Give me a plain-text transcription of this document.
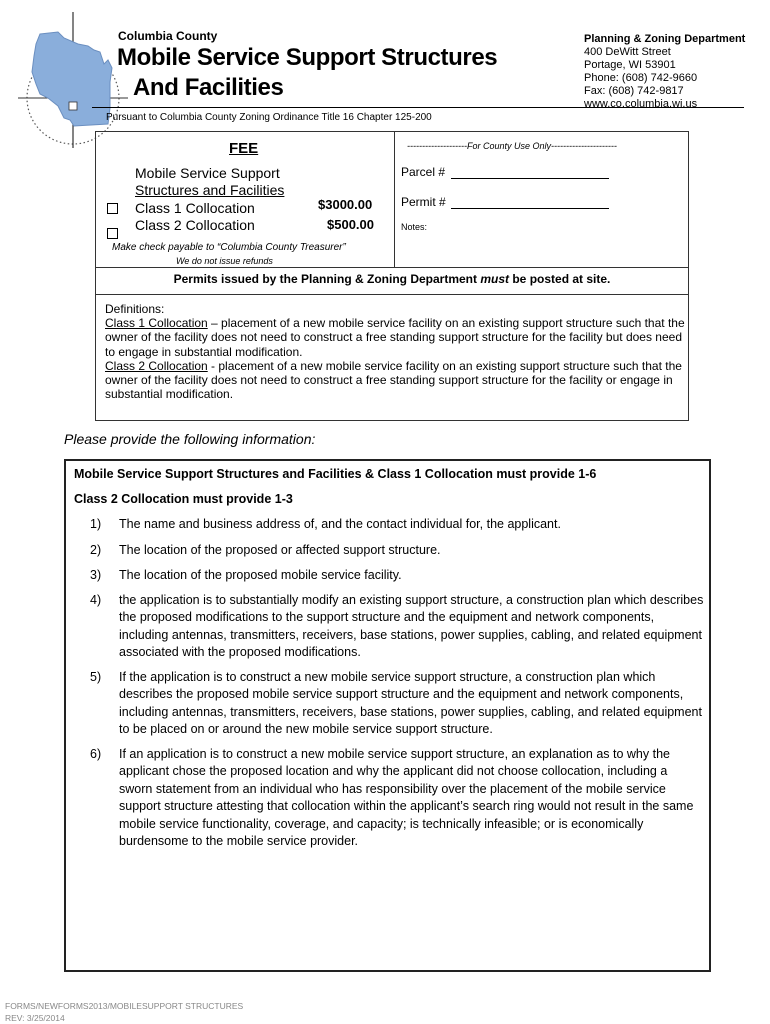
Columbia County
Mobile Service Support Structures
And Facilities
Pursuant to Columbia County Zoning Ordinance Title 16 Chapter 125-200
Planning & Zoning Department
400 DeWitt Street
Portage, WI 53901
Phone: (608) 742-9660
Fax: (608) 742-9817
www.co.columbia.wi.us
FEE
Mobile Service Support
Structures and Facilities
Class 1 Collocation
Class 2 Collocation
$3000.00
$500.00
Make check payable to “Columbia County Treasurer”
We do not issue refunds
--------------------For County Use Only----------------------
Parcel #
Permit #
Notes:
Permits issued by the Planning & Zoning Department must be posted at site.
Definitions:
Class 1 Collocation – placement of a new mobile service facility on an existing support structure such that the owner of the facility does not need to construct a free standing support structure for the facility but does need to engage in substantial modification.
Class 2 Collocation - placement of a new mobile service facility on an existing support structure such that the owner of the facility does not need to construct a free standing support structure for the facility or engage in substantial modification.
Please provide the following information:
Mobile Service Support Structures and Facilities & Class 1 Collocation must provide 1-6
Class 2 Collocation must provide 1-3
1) The name and business address of, and the contact individual for, the applicant.
2) The location of the proposed or affected support structure.
3) The location of the proposed mobile service facility.
4) the application is to substantially modify an existing support structure, a construction plan which describes the proposed modifications to the support structure and the equipment and network components, including antennas, transmitters, receivers, base stations, power supplies, cabling, and related equipment associated with the proposed modifications.
5) If the application is to construct a new mobile service support structure, a construction plan which describes the proposed mobile service support structure and the equipment and network components, including antennas, transmitters, receivers, base stations, power supplies, cabling, and related equipment to be placed on or around the new mobile service support structure.
6) If an application is to construct a new mobile service support structure, an explanation as to why the applicant chose the proposed location and why the applicant did not choose collocation, including a sworn statement from an individual who has responsibility over the placement of the mobile service support structure attesting that collocation within the applicant’s search ring would not result in the same mobile service functionality, coverage, and capacity; is technically infeasible; or is economically burdensome to the mobile service provider.
FORMS/NEWFORMS2013/MOBILESUPPORT STRUCTURES
REV: 3/25/2014
